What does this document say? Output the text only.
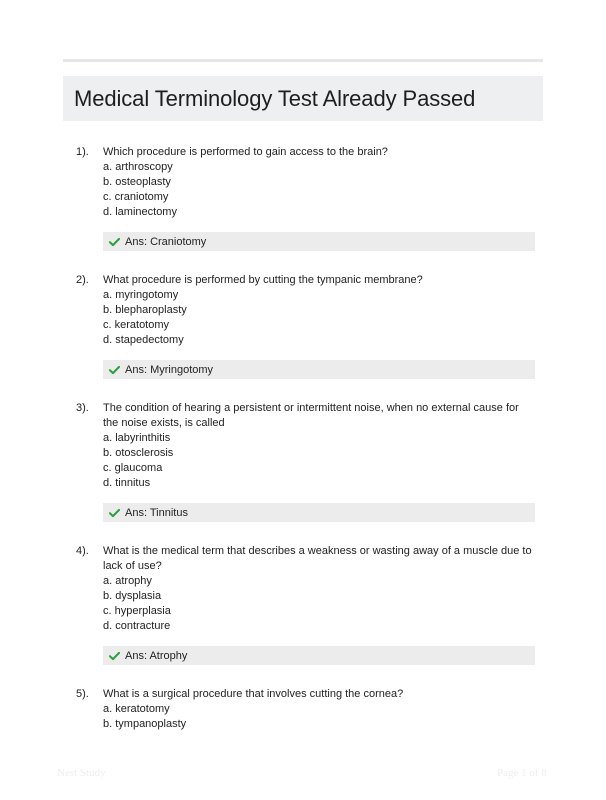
Medical Terminology Test Already Passed
1). Which procedure is performed to gain access to the brain?
a. arthroscopy
b. osteoplasty
c. craniotomy
d. laminectomy
Ans: Craniotomy
2). What procedure is performed by cutting the tympanic membrane?
a. myringotomy
b. blepharoplasty
c. keratotomy
d. stapedectomy
Ans: Myringotomy
3). The condition of hearing a persistent or intermittent noise, when no external cause for the noise exists, is called
a. labyrinthitis
b. otosclerosis
c. glaucoma
d. tinnitus
Ans: Tinnitus
4). What is the medical term that describes a weakness or wasting away of a muscle due to lack of use?
a. atrophy
b. dysplasia
c. hyperplasia
d. contracture
Ans: Atrophy
5). What is a surgical procedure that involves cutting the cornea?
a. keratotomy
b. tympanoplasty
Nest Study	Page 1 of 8
